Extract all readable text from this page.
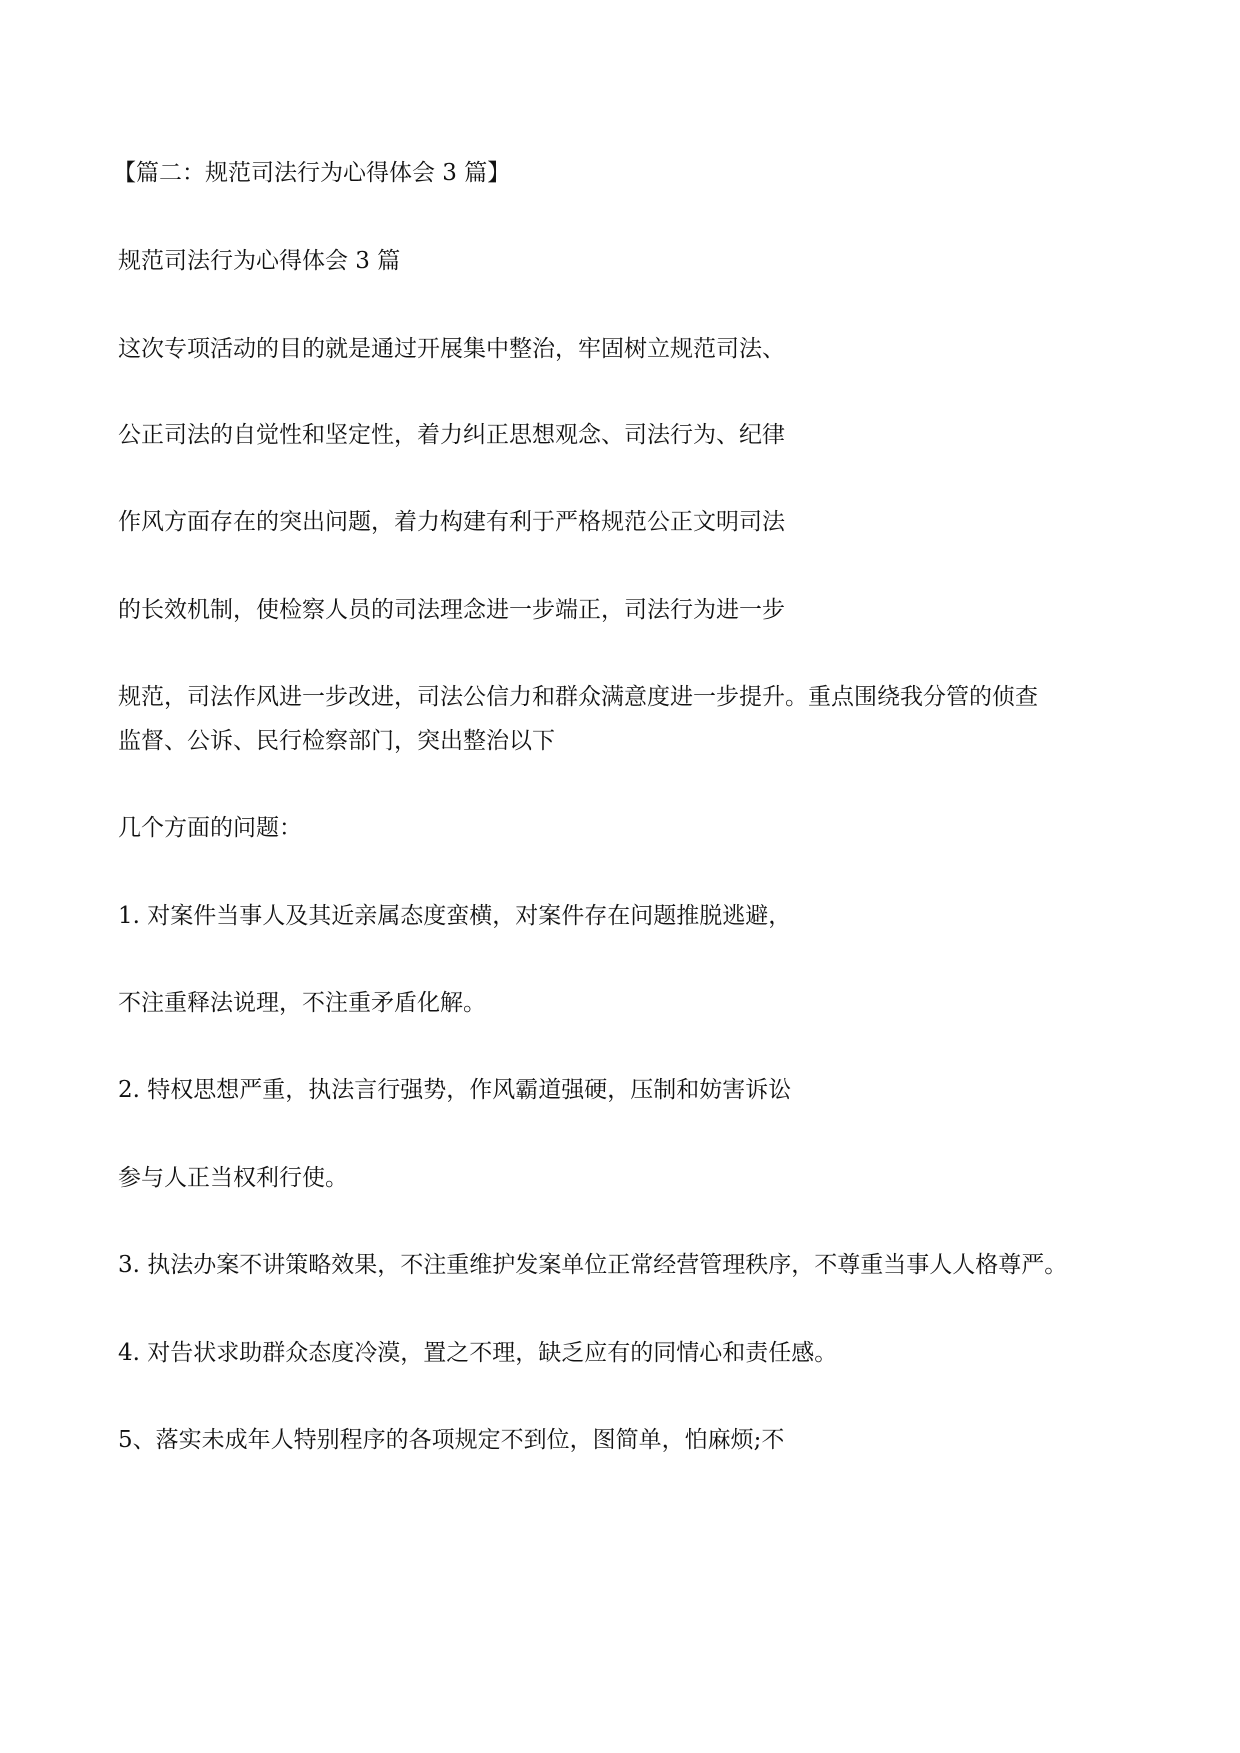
【篇二：规范司法行为心得体会 3 篇】

规范司法行为心得体会 3 篇

这次专项活动的目的就是通过开展集中整治，牢固树立规范司法、

公正司法的自觉性和坚定性，着力纠正思想观念、司法行为、纪律

作风方面存在的突出问题，着力构建有利于严格规范公正文明司法

的长效机制，使检察人员的司法理念进一步端正，司法行为进一步

规范，司法作风进一步改进，司法公信力和群众满意度进一步提升。重点围绕我分管的侦查

监督、公诉、民行检察部门，突出整治以下

几个方面的问题：

1. 对案件当事人及其近亲属态度蛮横，对案件存在问题推脱逃避，

不注重释法说理，不注重矛盾化解。

2. 特权思想严重，执法言行强势，作风霸道强硬，压制和妨害诉讼

参与人正当权利行使。

3. 执法办案不讲策略效果，不注重维护发案单位正常经营管理秩序，不尊重当事人人格尊严。

4. 对告状求助群众态度冷漠，置之不理，缺乏应有的同情心和责任感。

5、落实未成年人特别程序的各项规定不到位，图简单，怕麻烦;不
